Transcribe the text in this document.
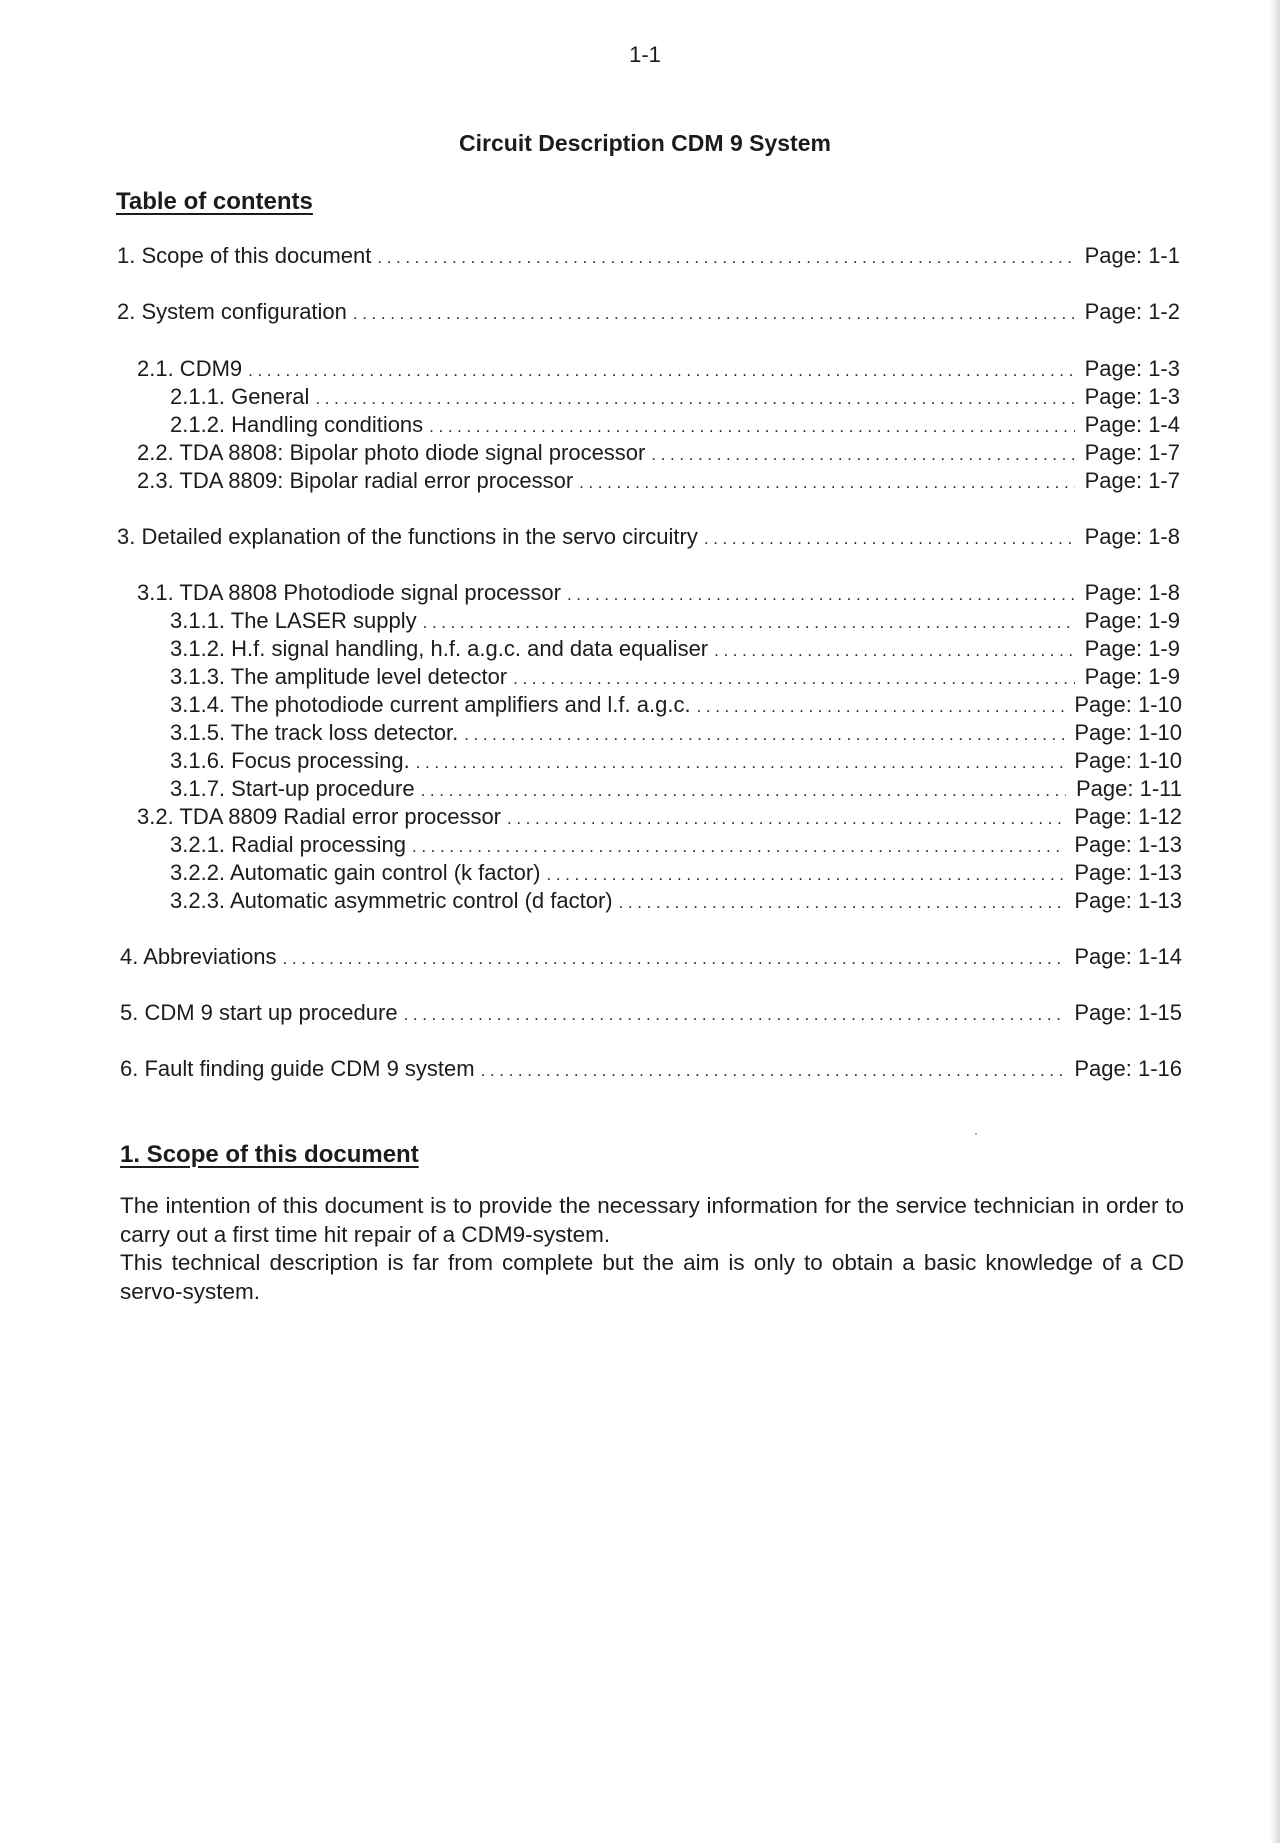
1-1
Circuit Description CDM 9 System
Table of contents
1. Scope of this document .....	Page: 1-1
2. System configuration .....	Page: 1-2
2.1. CDM9 .....	Page: 1-3
2.1.1. General .....	Page: 1-3
2.1.2. Handling conditions .....	Page: 1-4
2.2. TDA 8808: Bipolar photo diode signal processor .....	Page: 1-7
2.3. TDA 8809: Bipolar radial error processor .....	Page: 1-7
3. Detailed explanation of the functions in the servo circuitry .....	Page: 1-8
3.1. TDA 8808 Photodiode signal processor .....	Page: 1-8
3.1.1. The LASER supply .....	Page: 1-9
3.1.2. H.f. signal handling, h.f. a.g.c. and data equaliser .....	Page: 1-9
3.1.3. The amplitude level detector .....	Page: 1-9
3.1.4. The photodiode current amplifiers and l.f. a.g.c. .....	Page: 1-10
3.1.5. The track loss detector. .....	Page: 1-10
3.1.6. Focus processing. .....	Page: 1-10
3.1.7. Start-up procedure .....	Page: 1-11
3.2. TDA 8809 Radial error processor .....	Page: 1-12
3.2.1. Radial processing .....	Page: 1-13
3.2.2. Automatic gain control (k factor) .....	Page: 1-13
3.2.3. Automatic asymmetric control (d factor) .....	Page: 1-13
4. Abbreviations .....	Page: 1-14
5. CDM 9 start up procedure .....	Page: 1-15
6. Fault finding guide CDM 9 system .....	Page: 1-16
1. Scope of this document

The intention of this document is to provide the necessary information for the service technician in order to carry out a first time hit repair of a CDM9-system.

This technical description is far from complete but the aim is only to obtain a basic knowledge of a CD servo-system.
